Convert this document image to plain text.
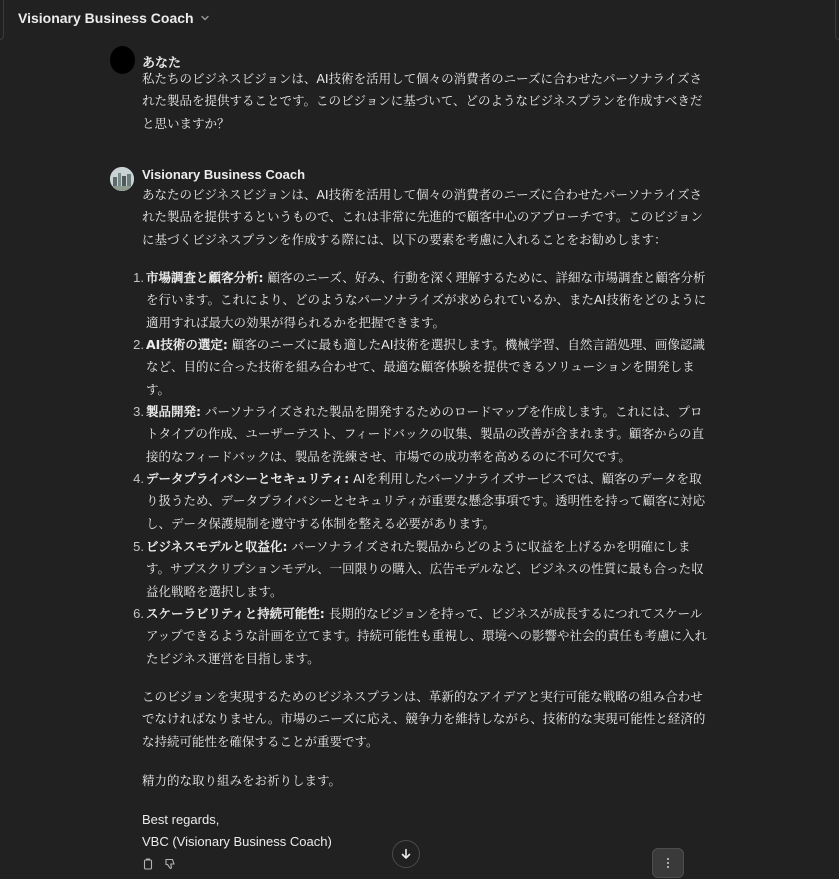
Visionary Business Coach
あなた
私たちのビジネスビジョンは、AI技術を活用して個々の消費者のニーズに合わせたパーソナライズさ
れた製品を提供することです。このビジョンに基づいて、どのようなビジネスプランを作成すべきだ
と思いますか？
Visionary Business Coach
あなたのビジネスビジョンは、AI技術を活用して個々の消費者のニーズに合わせたパーソナライズさ
れた製品を提供するというもので、これは非常に先進的で顧客中心のアプローチです。このビジョン
に基づくビジネスプランを作成する際には、以下の要素を考慮に入れることをお勧めします：
1. 市場調査と顧客分析: 顧客のニーズ、好み、行動を深く理解するために、詳細な市場調査と顧客分析
を行います。これにより、どのようなパーソナライズが求められているか、またAI技術をどのように
適用すれば最大の効果が得られるかを把握できます。
2. AI技術の選定: 顧客のニーズに最も適したAI技術を選択します。機械学習、自然言語処理、画像認識
など、目的に合った技術を組み合わせて、最適な顧客体験を提供できるソリューションを開発しま
す。
3. 製品開発: パーソナライズされた製品を開発するためのロードマップを作成します。これには、プロ
トタイプの作成、ユーザーテスト、フィードバックの収集、製品の改善が含まれます。顧客からの直
接的なフィードバックは、製品を洗練させ、市場での成功率を高めるのに不可欠です。
4. データプライバシーとセキュリティ: AIを利用したパーソナライズサービスでは、顧客のデータを取
り扱うため、データプライバシーとセキュリティが重要な懸念事項です。透明性を持って顧客に対応
し、データ保護規制を遵守する体制を整える必要があります。
5. ビジネスモデルと収益化: パーソナライズされた製品からどのように収益を上げるかを明確にしま
す。サブスクリプションモデル、一回限りの購入、広告モデルなど、ビジネスの性質に最も合った収
益化戦略を選択します。
6. スケーラビリティと持続可能性: 長期的なビジョンを持って、ビジネスが成長するにつれてスケール
アップできるような計画を立てます。持続可能性も重視し、環境への影響や社会的責任も考慮に入れ
たビジネス運営を目指します。
このビジョンを実現するためのビジネスプランは、革新的なアイデアと実行可能な戦略の組み合わせ
でなければなりません。市場のニーズに応え、競争力を維持しながら、技術的な実現可能性と経済的
な持続可能性を確保することが重要です。
精力的な取り組みをお祈りします。
Best regards,
VBC (Visionary Business Coach)
